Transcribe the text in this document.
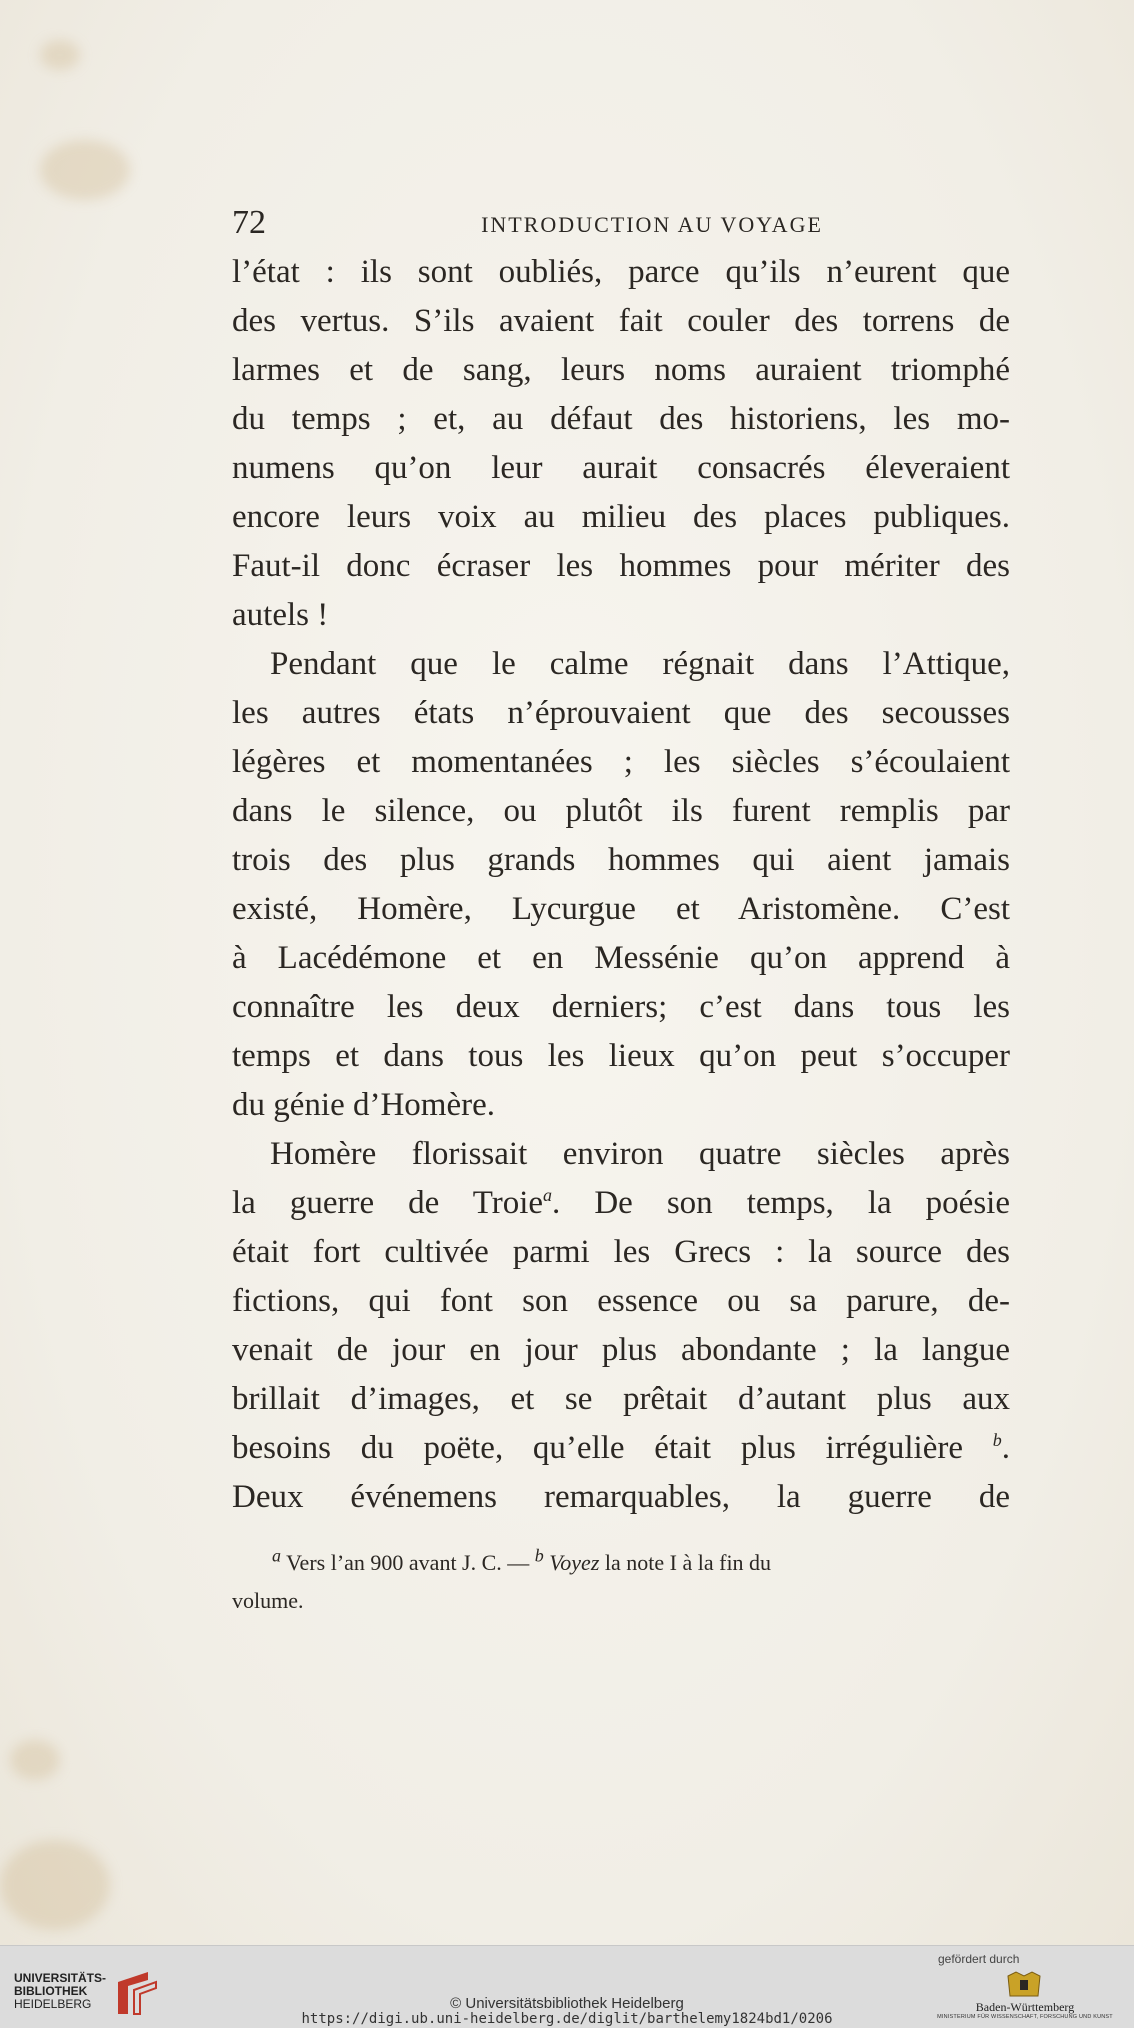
72	INTRODUCTION AU VOYAGE
l’état : ils sont oubliés, parce qu’ils n’eurent que
des vertus. S’ils avaient fait couler des torrens de
larmes et de sang, leurs noms auraient triomphé
du temps ; et, au défaut des historiens, les mo-
numens qu’on leur aurait consacrés éleveraient
encore leurs voix au milieu des places publiques.
Faut-il donc écraser les hommes pour mériter des
autels !
Pendant que le calme régnait dans l’Attique,
les autres états n’éprouvaient que des secousses
légères et momentanées ; les siècles s’écoulaient
dans le silence, ou plutôt ils furent remplis par
trois des plus grands hommes qui aient jamais
existé, Homère, Lycurgue et Aristomène. C’est
à Lacédémone et en Messénie qu’on apprend à
connaître les deux derniers; c’est dans tous les
temps et dans tous les lieux qu’on peut s’occuper
du génie d’Homère.
Homère florissait environ quatre siècles après
la guerre de Troie$^a$. De son temps, la poésie
était fort cultivée parmi les Grecs : la source des
fictions, qui font son essence ou sa parure, de-
venait de jour en jour plus abondante ; la langue
brillait d’images, et se prêtait d’autant plus aux
besoins du poëte, qu’elle était plus irrégulière $^b$.
Deux événemens remarquables, la guerre de
$^a$ Vers l’an 900 avant J. C. — $^b$ Voyez la note I à la fin du
volume.
UNIVERSITÄTS-
BIBLIOTHEK
HEIDELBERG	© Universitätsbibliothek Heidelberg
https://digi.ub.uni-heidelberg.de/diglit/barthelemy1824bd1/0206
gefördert durch
Baden-Württemberg
MINISTERIUM FÜR WISSENSCHAFT, FORSCHUNG UND KUNST
